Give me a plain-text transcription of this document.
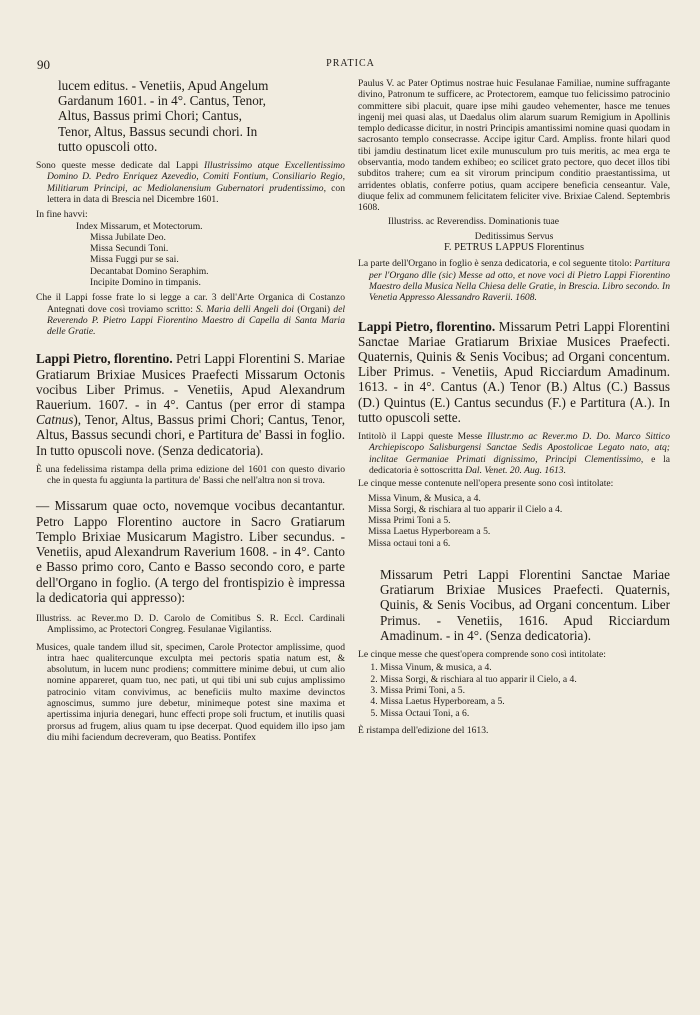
90	PRATICA

lucem editus. - Venetiis, Apud Angelum

Gardanum 1601. - in 4°. Cantus, Tenor,

Altus, Bassus primi Chori; Cantus,

Tenor, Altus, Bassus secundi chori. In

tutto opuscoli otto.

Sono queste messe dedicate dal Lappi Illustrissimo atque Excellentissimo Domino D. Pedro Enriquez Azevedio, Comiti Fontium, Consiliario Regio, Militiarum Principi, ac Mediolanensium Gubernatori prudentissimo, con lettera in data di Brescia nel Dicembre 1601.

In fine havvi:

Index Missarum, et Motectorum.

Missa Jubilate Deo.

Missa Secundi Toni.

Missa Fuggi pur se sai.

Decantabat Domino Seraphim.

Incipite Domino in timpanis.

Che il Lappi fosse frate lo si legge a car. 3 dell'Arte Organica di Costanzo Antegnati dove così troviamo scritto: S. Maria delli Angeli doi (Organi) del Reverendo P. Pietro Lappi Fiorentino Maestro di Capella di Santa Maria delle Gratie.

Lappi Pietro, florentino. Petri Lappi Florentini S. Mariae Gratiarum Brixiae Musices Praefecti Missarum Octonis vocibus Liber Primus. - Venetiis, Apud Alexandrum Rauerium. 1607. - in 4°. Cantus (per error di stampa Catnus), Tenor, Altus, Bassus primi Chori; Cantus, Tenor, Altus, Bassus secundi chori, e Partitura de' Bassi in foglio. In tutto opuscoli nove. (Senza dedicatoria).

È una fedelissima ristampa della prima edizione del 1601 con questo divario che in questa fu aggiunta la partitura de' Bassi che nell'altra non si trova.

— Missarum quae octo, novemque vocibus decantantur. Petro Lappo Florentino auctore in Sacro Gratiarum Templo Brixiae Musicarum Magistro. Liber secundus. - Venetiis, apud Alexandrum Raverium 1608. - in 4°. Canto e Basso primo coro, Canto e Basso secondo coro, e parte dell'Organo in foglio. (A tergo del frontispizio è impressa la dedicatoria qui appresso):

Illustriss. ac Rever.mo D. D. Carolo de Comitibus S. R. Eccl. Cardinali Amplissimo, ac Protectori Congreg. Fesulanae Vigilantiss.

Musices, quale tandem illud sit, specimen, Carole Protector amplissime, quod intra haec qualitercunque exculpta mei pectoris spatia natum est, & absolutum, in lucem nunc prodiens; committere minime debui, ut cum alio nomine appareret, quam tuo, nec pati, ut qui tibi uni sub cujus amplissimo patrocinio vitam convivimus, ac beneficiis multo maxime devinctos agnoscimus, summo jure debetur, minimeque potest sine maxima et apertissima injuria denegari, hunc effecti prope soli fructum, et inutilis quasi prorsus ad frugem, alius quam tu ipse decerpat. Quod equidem illo ipso jam diu mihi faciendum decreveram, quo Beatiss. Pontifex

Paulus V. ac Pater Optimus nostrae huic Fesulanae Familiae, numine suffragante divino, Patronum te sufficere, ac Protectorem, eamque tuo felicissimo patrocinio committere sibi placuit, quare ipse mihi gaudeo vehementer, hasce me tenues ingenij mei quasi alas, ut Daedalus olim alarum suarum Remigium in Apollinis templo dedicasse dicitur, in nostri Principis amantissimi nomine quasi quodam in sacrosanto templo consecrasse. Accipe igitur Card. Ampliss. fronte hilari quod tibi jamdiu destinatum licet exile munusculum pro tuis meritis, ac mea erga te observantia, modo tandem exhibeo; eo scilicet grato pectore, quo decet illos tibi subditos trahere; cum ea sit virorum principum conditio praestantissima, ut arridentes oblatis, conferre potius, quam accipere beneficia censeantur. Vale, diuque felix ad communem felicitatem feliciter vive. Brixiae Calend. Septembris 1608.

Illustriss. ac Reverendiss. Dominationis tuae

Deditissimus Servus

F. PETRUS LAPPUS Florentinus

La parte dell'Organo in foglio è senza dedicatoria, e col seguente titolo: Partitura per l'Organo dlle (sic) Messe ad otto, et nove voci di Pietro Lappi Fiorentino Maestro della Musica Nella Chiesa delle Gratie, in Brescia. Libro secondo. In Venetia Appresso Alessandro Raverii. 1608.

Lappi Pietro, florentino. Missarum Petri Lappi Florentini Sanctae Mariae Gratiarum Brixiae Musices Praefecti. Quaternis, Quinis & Senis Vocibus; ad Organi concentum. Liber Primus. - Venetiis, Apud Ricciardum Amadinum. 1613. - in 4°. Cantus (A.) Tenor (B.) Altus (C.) Bassus (D.) Quintus (E.) Cantus secundus (F.) e Partitura (A.). In tutto opuscoli sette.

Intitolò il Lappi queste Messe Illustr.mo ac Rever.mo D. Do. Marco Sittico Archiepiscopo Salisburgensi Sanctae Sedis Apostolicae Legato nato, atq; inclitae Germaniae Primati dignissimo, Principi Clementissimo, e la dedicatoria è sottoscritta Dal. Venet. 20. Aug. 1613.

Le cinque messe contenute nell'opera presente sono così intitolate:

Missa Vinum, & Musica, a 4.

Missa Sorgi, & rischiara al tuo apparir il Cielo a 4.

Missa Primi Toni a 5.

Missa Laetus Hyperboream a 5.

Missa octaui toni a 6.

Missarum Petri Lappi Florentini Sanctae Mariae Gratiarum Brixiae Musices Praefecti. Quaternis, Quinis, & Senis Vocibus, ad Organi concentum. Liber Primus. - Venetiis, 1616. Apud Ricciardum Amadinum. - in 4°. (Senza dedicatoria).

Le cinque messe che quest'opera comprende sono così intitolate:

1. Missa Vinum, & musica, a 4.
2. Missa Sorgi, & rischiara al tuo apparir il Cielo, a 4.
3. Missa Primi Toni, a 5.
4. Missa Laetus Hyperboream, a 5.
5. Missa Octaui Toni, a 6.

È ristampa dell'edizione del 1613.
